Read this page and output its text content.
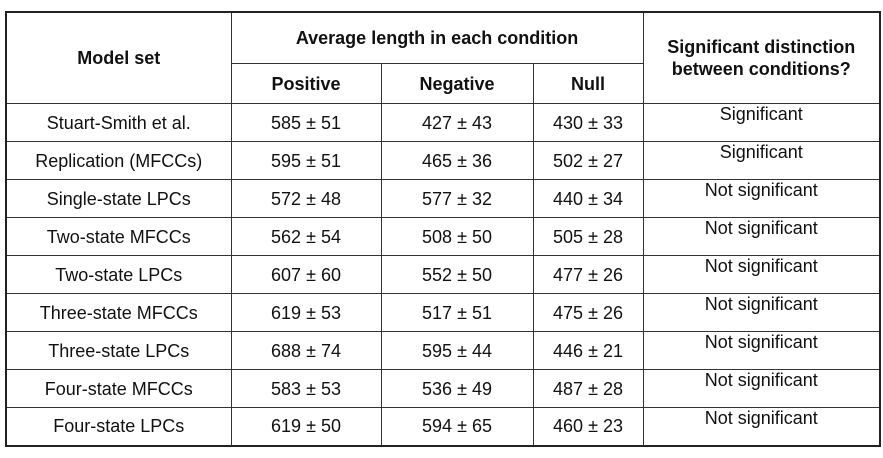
Model set	Average length in each condition			Significant distinction
between conditions?
	Positive	Negative	Null	
Stuart-Smith et al.	585 ± 51	427 ± 43	430 ± 33	Significant
Replication (MFCCs)	595 ± 51	465 ± 36	502 ± 27	Significant
Single-state LPCs	572 ± 48	577 ± 32	440 ± 34	Not significant
Two-state MFCCs	562 ± 54	508 ± 50	505 ± 28	Not significant
Two-state LPCs	607 ± 60	552 ± 50	477 ± 26	Not significant
Three-state MFCCs	619 ± 53	517 ± 51	475 ± 26	Not significant
Three-state LPCs	688 ± 74	595 ± 44	446 ± 21	Not significant
Four-state MFCCs	583 ± 53	536 ± 49	487 ± 28	Not significant
Four-state LPCs	619 ± 50	594 ± 65	460 ± 23	Not significant
